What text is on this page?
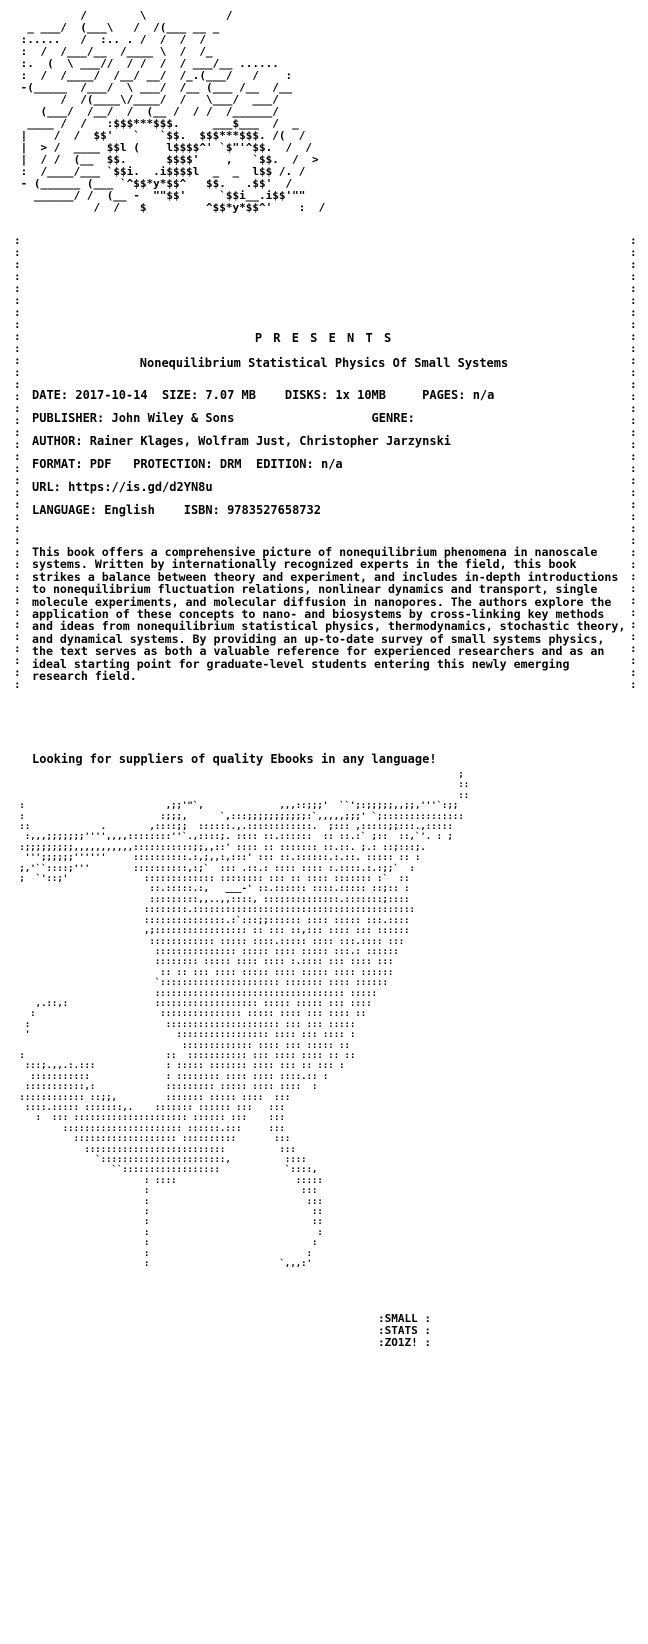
/        \            /
_ ___/  (___\   /  /(___ __ _
:.....   /  :.. . /  /  /  /
:  /  /___/__  /____ \  /  /_
:.  (  \ ___//  / /  /  / ___/__ ......
:  /  /____/  /__/ __/  /_.(___/   /    :
-(_____  /___/  \ ___/  /__ (___ /__  /__
/  /(____\/____/  /   \___/  ___/
(___/  /__/  /  (__ /  / /  /______/
____ /  /   :$$$***$$$.     ___$___  /  _
|    /  /  $$'   `   `$$.  $$$***$$$. /(  /
|  > /  ____ $$l (    l$$$$^' `$"'^$$.  /  /
|  / /  (__  $$.      $$$$'    ,   `$$.  /  >
:  /____/___ `$$i.  .i$$$$l  _  _  l$$ /. /
- (______ (___ `^$$*y*$$^   $$.   .$$'  /
______/ /  (__ -  ""$$'     `$$i__.i$$'""
/  /   $         ^$$*y*$$^'    :  /
P R E S E N T S
Nonequilibrium Statistical Physics Of Small Systems
DATE: 2017-10-14  SIZE: 7.07 MB    DISKS: 1x 10MB     PAGES: n/a
PUBLISHER: John Wiley & Sons                   GENRE:
AUTHOR: Rainer Klages, Wolfram Just, Christopher Jarzynski
FORMAT: PDF   PROTECTION: DRM  EDITION: n/a
URL: https://is.gd/d2YN8u
LANGUAGE: English    ISBN: 9783527658732
This book offers a comprehensive picture of nonequilibrium phenomena in nanoscale systems. Written by internationally recognized experts in the field, this book strikes a balance between theory and experiment, and includes in-depth introductions to nonequilibrium fluctuation relations, nonlinear dynamics and transport, single molecule experiments, and molecular diffusion in nanopores. The authors explore the application of these concepts to nano- and biosystems by cross-linking key methods and ideas from nonequilibrium statistical physics, thermodynamics, stochastic theory, and dynamical systems. By providing an up-to-date survey of small systems physics, the text serves as both a valuable reference for experienced researchers and as an ideal starting point for graduate-level students entering this newly emerging research field.
:
:
:
:
:
:
:
:
:
:
:
:
:
:
:
:
:
:
:
:
:
:
:
:
:
:
:
:
:
:
:
:
:
:
:
:
:
:
:
:
:
:
:
:
:
:
:
:
:
:
:
:
:
:
:
:
:
:
:
:
:
:
:
:
:
:
:
:
:
:
:
:
:
:
:
:
Looking for suppliers of quality Ebooks in any language!
;
::
::
:                          ,;;'"`,              ,,,::;;;'  ``';:;;;;;,,;;,'''`:;;
:                         :;;;,      `,:::;;;;;;;;;;;:`,,,,,;;;' `;:::::::::::::::
::             .        ,::::;;  ::::::.,.::::::::::::.  ;::: ,:::::;;:::.,:::::
:,,,;;;;;;;'''',,,,::::::::''`.,::::;. :::: ::.::::::  :: ::.:` ;::  ::,`'. : ;
:;;;;;;;;;,,,,,,,,,,,:::::::::::;;,,::' :::: :: ::::::: ::.::. ;.: ::;:::;.
''';;;;;;''''''     ::::::::::.:,;,,:,:::' ::: ::.::::::.:.::. ::::: :: :
;,'``::::;'''        ::::::::::,:;`  ::: .::.: :::: :::: :.::::.:.:;;`  :
;  `'::;'              ::::::::::::: :::::::: ::: :: :::: ::::::: :`  ::
::.:::::.:,   ___-' ::.:::::: ::::.::::: ::;:: :
:::::::::,,..,,::::, ::::::::::::::.:::::::;::::
::::::::.:::::::::::::::::::::::::::::::::::::::::
:::::::::::::::.:`:::;;:::::: :::: ::::: :::.::::
,;::::::::::::::::: :: ::: ::,::: :::: ::: ::::::
:::::::::::: ::::: ::::.::::: :::: :::.:::: :::
::::::::::::::: ::::: :::: ::::: :::.: ::::::
:::::::: ::::: :::: :::: :.:::: ::: :::: :::
:: :: ::: :::: ::::: :::: ::::: :::: ::::::
`:::::::::::::::::::::: ::::::: :::: ::::::
::::::::::::::::::::::::::::::::::: :::::
,.::,:                ::::::::::::::::::: ::::: ::::: ::: ::::
:                       ::::::::::::::: ::::: :::: ::: :::: ::
:                         ::::::::::::::::::::: ::: ::: :::::
'                           ::::::::::::::::: :::: ::: :::: :
::::::::::::: :::: ::: ::::: ::
:                          ::  ::::::::::: ::: :::: :::: :: ::
:::;.,,.:.:::             : ::::: ::::::: :::: ::: :: ::: :
:::::::::::              : :::::::: :::: :::: ::::.:: :
:::::::::::,:             ::::::::: ::::: :::: ::::  :
:::::::::::: ::;;,         ::::::: ::::: ::::  :::
::::.::::: :::::::,.    ::::::: :::::: :::   :::
:  ::: ::::::::::::::::::::: :::::: :::    :::
:::::::::::::::::::::: ::::::.:::     :::
::::::::::::::::::: ::::::::::       :::
::::::::::::::::::::::::::          :::
`:::::::::::::::::::::::,          ::::
``::::::::::::::::::            `::::,
: ::::                      :::::
:                            :::
:                             :::
:                              ::
:                              ::
:                               :
:                              :
:                             :
:                        `,,,:'
:SMALL :
:STATS :
:ZO1Z! :
